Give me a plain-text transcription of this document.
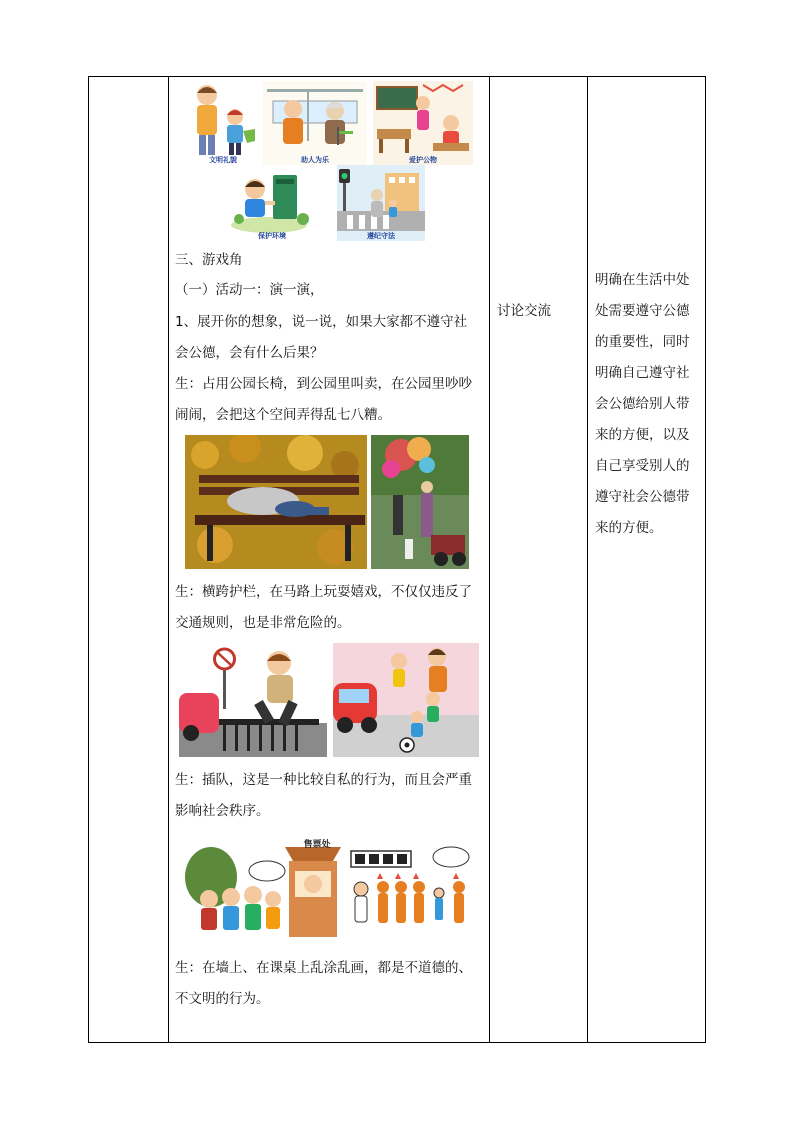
文明礼貌	助人为乐	爱护公物
保护环境	遵纪守法

三、游戏角

（一）活动一：演一演，

1、展开你的想象，说一说，如果大家都不遵守社

会公德，会有什么后果？

生：占用公园长椅，到公园里叫卖，在公园里吵吵

闹闹，会把这个空间弄得乱七八糟。

生：横跨护栏，在马路上玩耍嬉戏，不仅仅违反了

交通规则，也是非常危险的。

生：插队，这是一种比较自私的行为，而且会严重

影响社会秩序。

售票处

生：在墙上、在课桌上乱涂乱画，都是不道德的、

不文明的行为。

讨论交流

明确在生活中处

处需要遵守公德

的重要性，同时

明确自己遵守社

会公德给别人带

来的方便，以及

自己享受别人的

遵守社会公德带

来的方便。
